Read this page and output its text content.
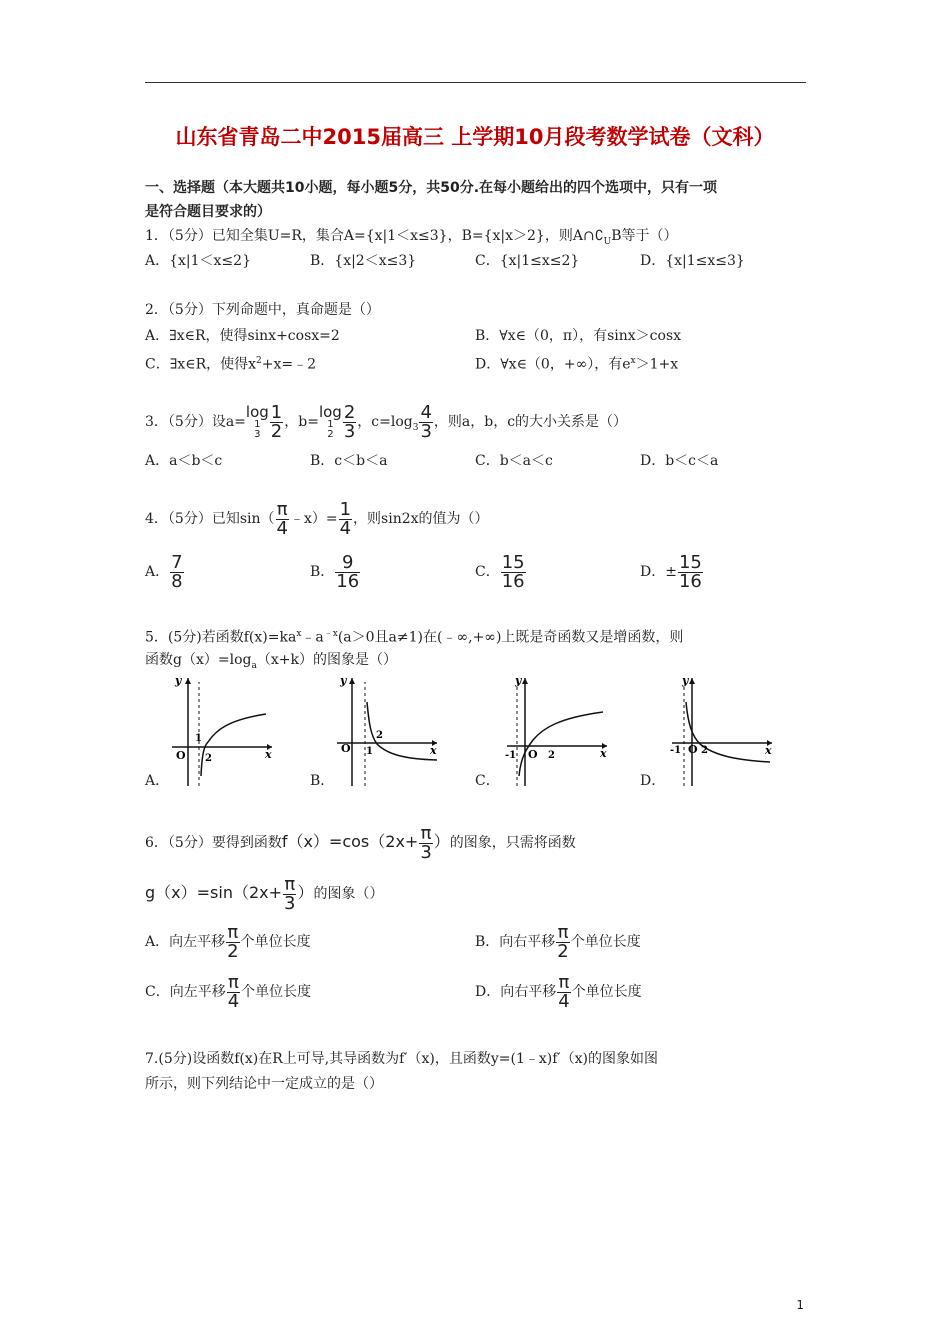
山东省青岛二中2015届高三 上学期10月段考数学试卷（文科）
一、选择题（本大题共10小题，每小题5分，共50分.在每小题给出的四个选项中，只有一项
是符合题目要求的）
1．（5分）已知全集U=R，集合A={x|1＜x≤3}，B={x|x＞2}，则$A\cap∁_UB$等于（）
A．{x|1＜x≤2}	B．{x|2＜x≤3}	C．{x|1≤x≤2}	D．{x|1≤x≤3}
2．（5分）下列命题中，真命题是（）
A．∃x∈R，使得sinx+cosx=2	B．∀x∈（0，π），有sinx＞cosx
C．∃x∈R，使得$x^2+x=﹣2$	D．∀x∈（0，+∞），有$e^x>1+x$
3．（5分）设a=
log
1
$3 \frac{1}{2}$ ，b=
log
1
$2 \frac{2}{3}$ ，$c=\log_3 \frac{4}{3}$ ，则a，b，c的大小关系是（）
A．a＜b＜c	B．c＜b＜a	C．b＜a＜c	D．b＜c＜a
4．（5分）已知$\sin( \frac{\pi}{4}$ ﹣x）= $\frac{1}{4}$ ，则sin2x的值为（）
A． $\frac{7}{8}$	B． $\frac{9}{16}$	C． $\frac{15}{16}$	D．± $\frac{15}{16}$
5．(5分)若函数$f(x)=ka^x﹣a^{﹣x}(a>0$且a≠1)在(﹣∞,+∞)上既是奇函数又是增函数，则
函数$g(x)=\log_a(x+k)$的图象是（）
y
x
O
1
2
A．
y
x
O 1
2
B．
y
x
O
-1	2
C．
y
x
O
-1 2
D．
6．（5分）要得到函数$f(x)=\cos(2x+ \frac{\pi}{3}$ ）的图象，只需将函数
$g(x)=\sin(2x+ \frac{\pi}{3}$ ）的图象（）
A．向左平移 $\frac{\pi}{2}$ 个单位长度	B．向右平移 $\frac{\pi}{2}$ 个单位长度
C．向左平移 $\frac{\pi}{4}$ 个单位长度	D．向右平移 $\frac{\pi}{4}$ 个单位长度
7.(5分)设函数f(x)在R上可导,其导函数为f′（x)，且函数y=(1﹣x)f′（x)的图象如图
所示，则下列结论中一定成立的是（）
1
